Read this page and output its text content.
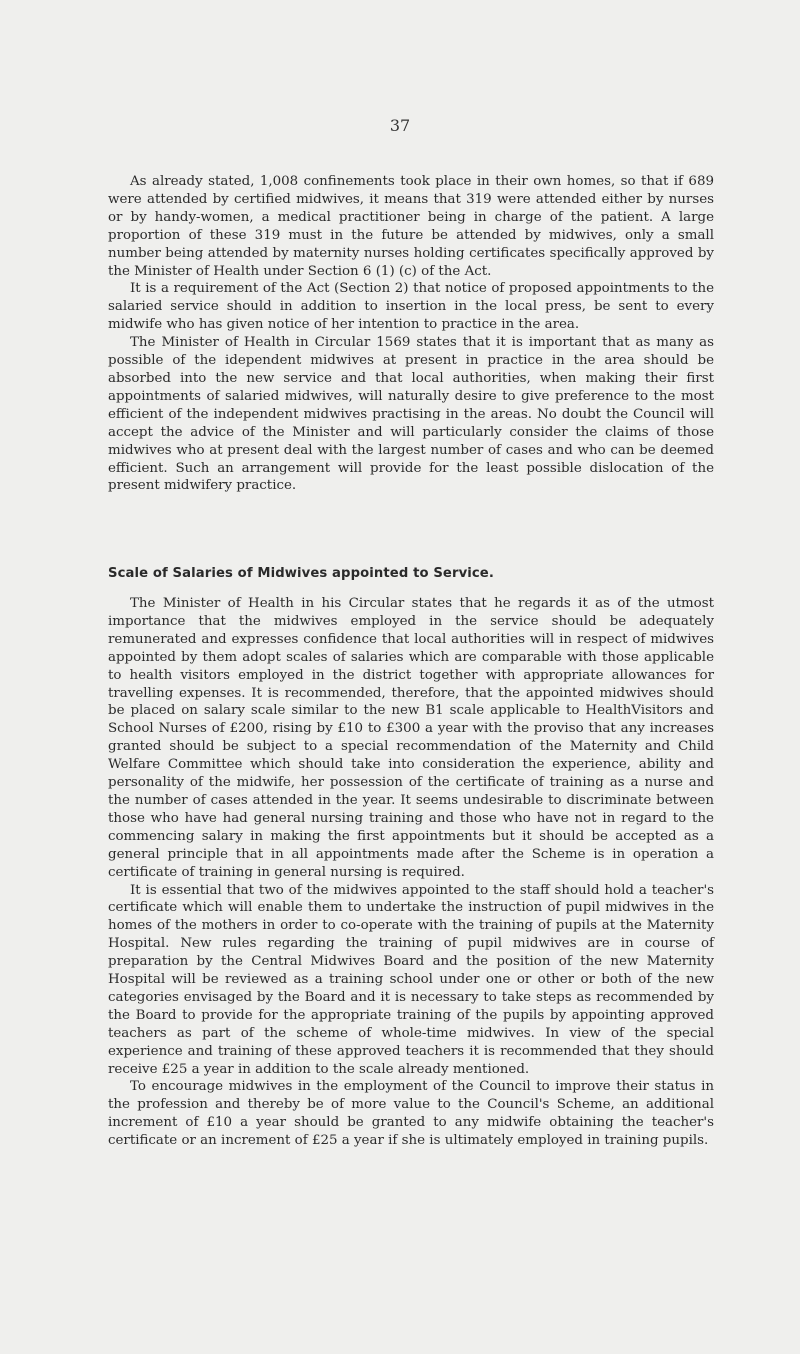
37

As already stated, 1,008 confinements took place in their own homes, so that if 689 were attended by certified midwives, it means that 319 were attended either by nurses or by handy-women, a medical practitioner being in charge of the patient. A large proportion of these 319 must in the future be attended by midwives, only a small number being attended by maternity nurses holding certificates specifically approved by the Minister of Health under Section 6 (1) (c) of the Act.

It is a requirement of the Act (Section 2) that notice of proposed appointments to the salaried service should in addition to insertion in the local press, be sent to every midwife who has given notice of her intention to practice in the area.

The Minister of Health in Circular 1569 states that it is important that as many as possible of the idependent midwives at present in practice in the area should be absorbed into the new service and that local authorities, when making their first appointments of salaried midwives, will naturally desire to give preference to the most efficient of the independent midwives practising in the areas. No doubt the Council will accept the advice of the Minister and will particularly consider the claims of those midwives who at present deal with the largest number of cases and who can be deemed efficient. Such an arrangement will provide for the least possible dislocation of the present midwifery practice.

Scale of Salaries of Midwives appointed to Service.

The Minister of Health in his Circular states that he regards it as of the utmost importance that the midwives employed in the service should be adequately remunerated and expresses confidence that local authorities will in respect of midwives appointed by them adopt scales of salaries which are comparable with those applicable to health visitors employed in the district together with appropriate allowances for travelling expenses. It is recommended, therefore, that the appointed midwives should be placed on salary scale similar to the new B1 scale applicable to HealthVisitors and School Nurses of £200, rising by £10 to £300 a year with the proviso that any increases granted should be subject to a special recommendation of the Maternity and Child Welfare Committee which should take into consideration the experience, ability and personality of the midwife, her possession of the certificate of training as a nurse and the number of cases attended in the year. It seems undesirable to discriminate between those who have had general nursing training and those who have not in regard to the commencing salary in making the first appointments but it should be accepted as a general principle that in all appointments made after the Scheme is in operation a certificate of training in general nursing is required.

It is essential that two of the midwives appointed to the staff should hold a teacher's certificate which will enable them to undertake the instruction of pupil midwives in the homes of the mothers in order to co-operate with the training of pupils at the Maternity Hospital. New rules regarding the training of pupil midwives are in course of preparation by the Central Midwives Board and the position of the new Maternity Hospital will be reviewed as a training school under one or other or both of the new categories envisaged by the Board and it is necessary to take steps as recommended by the Board to provide for the appropriate training of the pupils by appointing approved teachers as part of the scheme of whole-time midwives. In view of the special experience and training of these approved teachers it is recommended that they should receive £25 a year in addition to the scale already mentioned.

To encourage midwives in the employment of the Council to improve their status in the profession and thereby be of more value to the Council's Scheme, an additional increment of £10 a year should be granted to any midwife obtaining the teacher's certificate or an increment of £25 a year if she is ultimately employed in training pupils.
